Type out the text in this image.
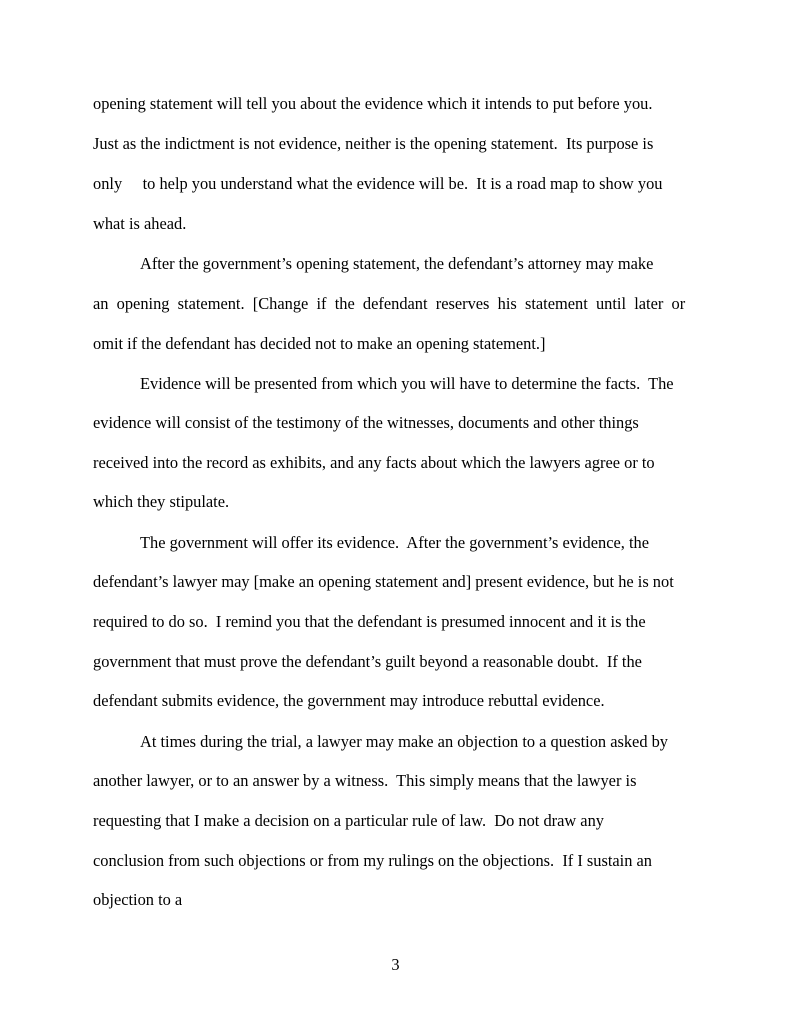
opening statement will tell you about the evidence which it intends to put before you.
Just as the indictment is not evidence, neither is the opening statement.  Its purpose is
only     to help you understand what the evidence will be.  It is a road map to show you
what is ahead.
After the government’s opening statement, the defendant’s attorney may make
an  opening  statement.  [Change  if  the  defendant  reserves  his  statement  until  later  or
omit if the defendant has decided not to make an opening statement.]
Evidence will be presented from which you will have to determine the facts.  The
evidence will consist of the testimony of the witnesses, documents and other things
received into the record as exhibits, and any facts about which the lawyers agree or to
which they stipulate.
The government will offer its evidence.  After the government’s evidence, the
defendant’s lawyer may [make an opening statement and] present evidence, but he is not
required to do so.  I remind you that the defendant is presumed innocent and it is the
government that must prove the defendant’s guilt beyond a reasonable doubt.  If the
defendant submits evidence, the government may introduce rebuttal evidence.
At times during the trial, a lawyer may make an objection to a question asked by
another lawyer, or to an answer by a witness.  This simply means that the lawyer is
requesting that I make a decision on a particular rule of law.  Do not draw any
conclusion from such objections or from my rulings on the objections.  If I sustain an
objection to a
3
